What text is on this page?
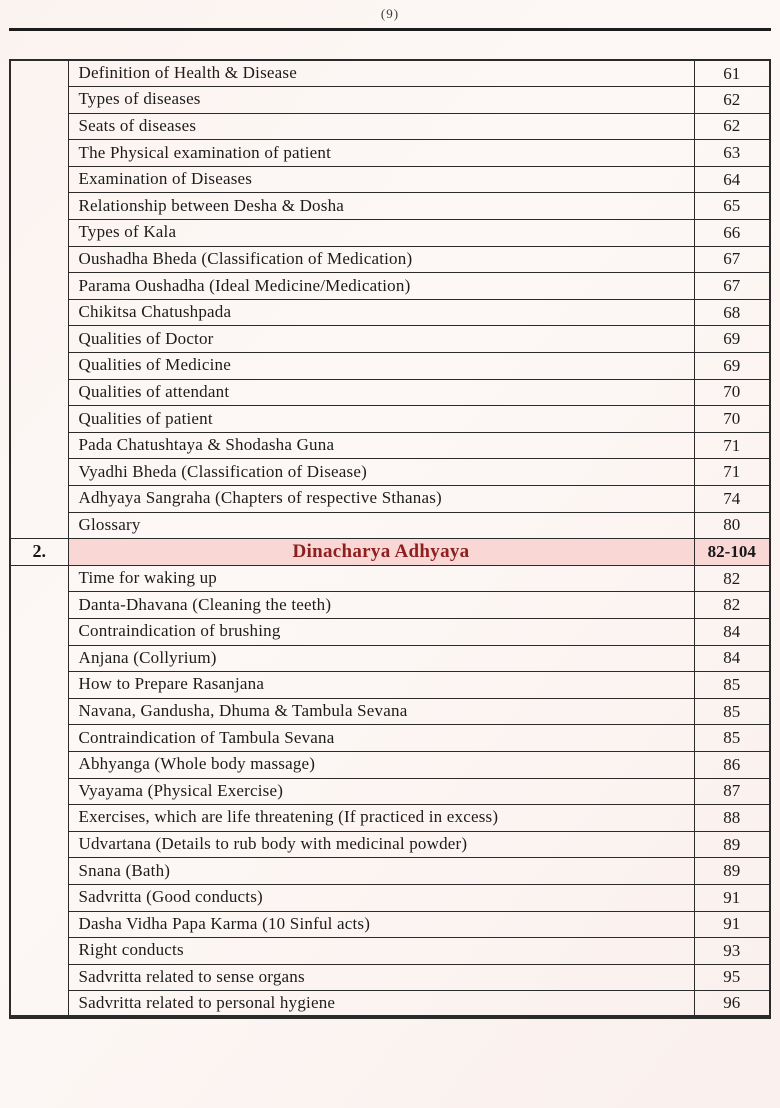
(9)
	Definition of Health & Disease	61
	Types of diseases	62
	Seats of diseases	62
	The Physical examination of patient	63
	Examination of Diseases	64
	Relationship between Desha & Dosha	65
	Types of Kala	66
	Oushadha Bheda (Classification of Medication)	67
	Parama Oushadha (Ideal Medicine/Medication)	67
	Chikitsa Chatushpada	68
	Qualities of Doctor	69
	Qualities of Medicine	69
	Qualities of attendant	70
	Qualities of patient	70
	Pada Chatushtaya & Shodasha Guna	71
	Vyadhi Bheda (Classification of Disease)	71
	Adhyaya Sangraha (Chapters of respective Sthanas)	74
	Glossary	80
2.	Dinacharya Adhyaya	82-104
	Time for waking up	82
	Danta-Dhavana (Cleaning the teeth)	82
	Contraindication of brushing	84
	Anjana (Collyrium)	84
	How to Prepare Rasanjana	85
	Navana, Gandusha, Dhuma & Tambula Sevana	85
	Contraindication of Tambula Sevana	85
	Abhyanga (Whole body massage)	86
	Vyayama (Physical Exercise)	87
	Exercises, which are life threatening (If practiced in excess)	88
	Udvartana (Details to rub body with medicinal powder)	89
	Snana (Bath)	89
	Sadvritta (Good conducts)	91
	Dasha Vidha Papa Karma (10 Sinful acts)	91
	Right conducts	93
	Sadvritta related to sense organs	95
	Sadvritta related to personal hygiene	96
